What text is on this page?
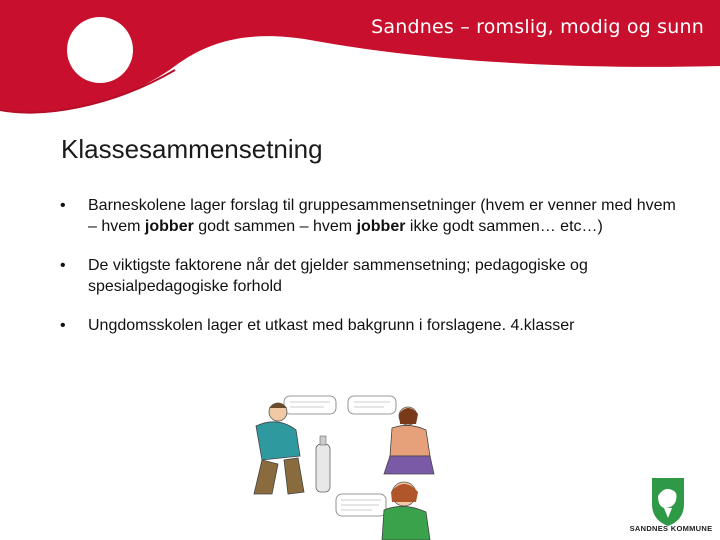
Sandnes – romslig, modig og sunn
Klassesammensetning
• Barneskolene lager forslag til gruppesammensetninger (hvem er venner med hvem – hvem jobber godt sammen – hvem jobber ikke godt sammen… etc…)
• De viktigste faktorene når det gjelder sammensetning; pedagogiske og spesialpedagogiske forhold
• Ungdomsskolen lager et utkast med bakgrunn i forslagene. 4.klasser
SANDNES KOMMUNE
